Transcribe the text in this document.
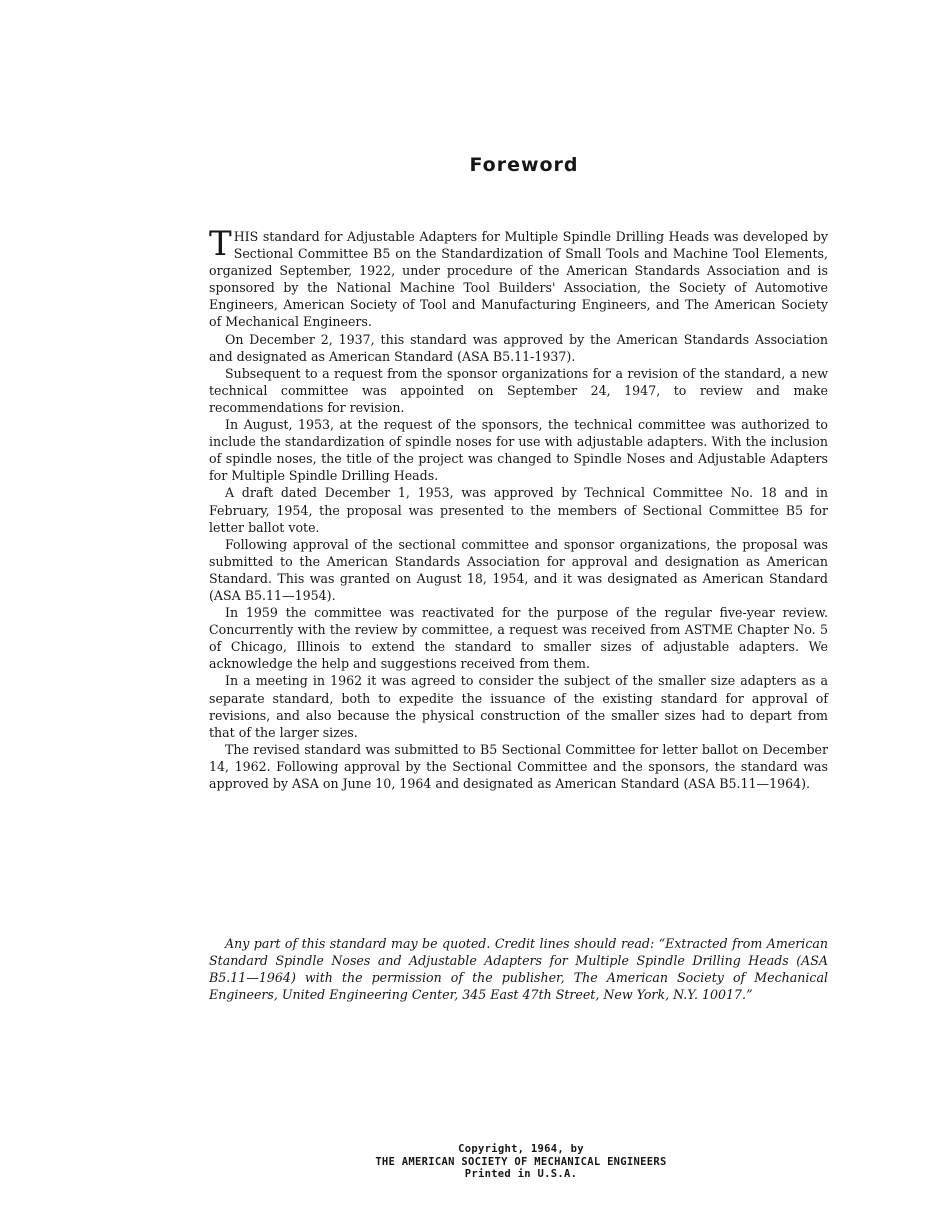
Foreword

THIS standard for Adjustable Adapters for Multiple Spindle Drilling Heads was developed by Sectional Committee B5 on the Standardization of Small Tools and Machine Tool Elements, organized September, 1922, under procedure of the American Standards Association and is sponsored by the National Machine Tool Builders' Association, the Society of Automotive Engineers, American Society of Tool and Manufacturing Engineers, and The American Society of Mechanical Engineers.

On December 2, 1937, this standard was approved by the American Standards Association and designated as American Standard (ASA B5.11-1937).

Subsequent to a request from the sponsor organizations for a revision of the standard, a new technical committee was appointed on September 24, 1947, to review and make recommendations for revision.

In August, 1953, at the request of the sponsors, the technical committee was authorized to include the standardization of spindle noses for use with adjustable adapters. With the inclusion of spindle noses, the title of the project was changed to Spindle Noses and Adjustable Adapters for Multiple Spindle Drilling Heads.

A draft dated December 1, 1953, was approved by Technical Committee No. 18 and in February, 1954, the proposal was presented to the members of Sectional Committee B5 for letter ballot vote.

Following approval of the sectional committee and sponsor organizations, the proposal was submitted to the American Standards Association for approval and designation as American Standard. This was granted on August 18, 1954, and it was designated as American Standard (ASA B5.11—1954).

In 1959 the committee was reactivated for the purpose of the regular five-year review. Concurrently with the review by committee, a request was received from ASTME Chapter No. 5 of Chicago, Illinois to extend the standard to smaller sizes of adjustable adapters. We acknowledge the help and suggestions received from them.

In a meeting in 1962 it was agreed to consider the subject of the smaller size adapters as a separate standard, both to expedite the issuance of the existing standard for approval of revisions, and also because the physical construction of the smaller sizes had to depart from that of the larger sizes.

The revised standard was submitted to B5 Sectional Committee for letter ballot on December 14, 1962. Following approval by the Sectional Committee and the sponsors, the standard was approved by ASA on June 10, 1964 and designated as American Standard (ASA B5.11—1964).

Any part of this standard may be quoted. Credit lines should read: “Extracted from American Standard Spindle Noses and Adjustable Adapters for Multiple Spindle Drilling Heads (ASA B5.11—1964) with the permission of the publisher, The American Society of Mechanical Engineers, United Engineering Center, 345 East 47th Street, New York, N.Y. 10017.”

Copyright, 1964, by
THE AMERICAN SOCIETY OF MECHANICAL ENGINEERS
Printed in U.S.A.
